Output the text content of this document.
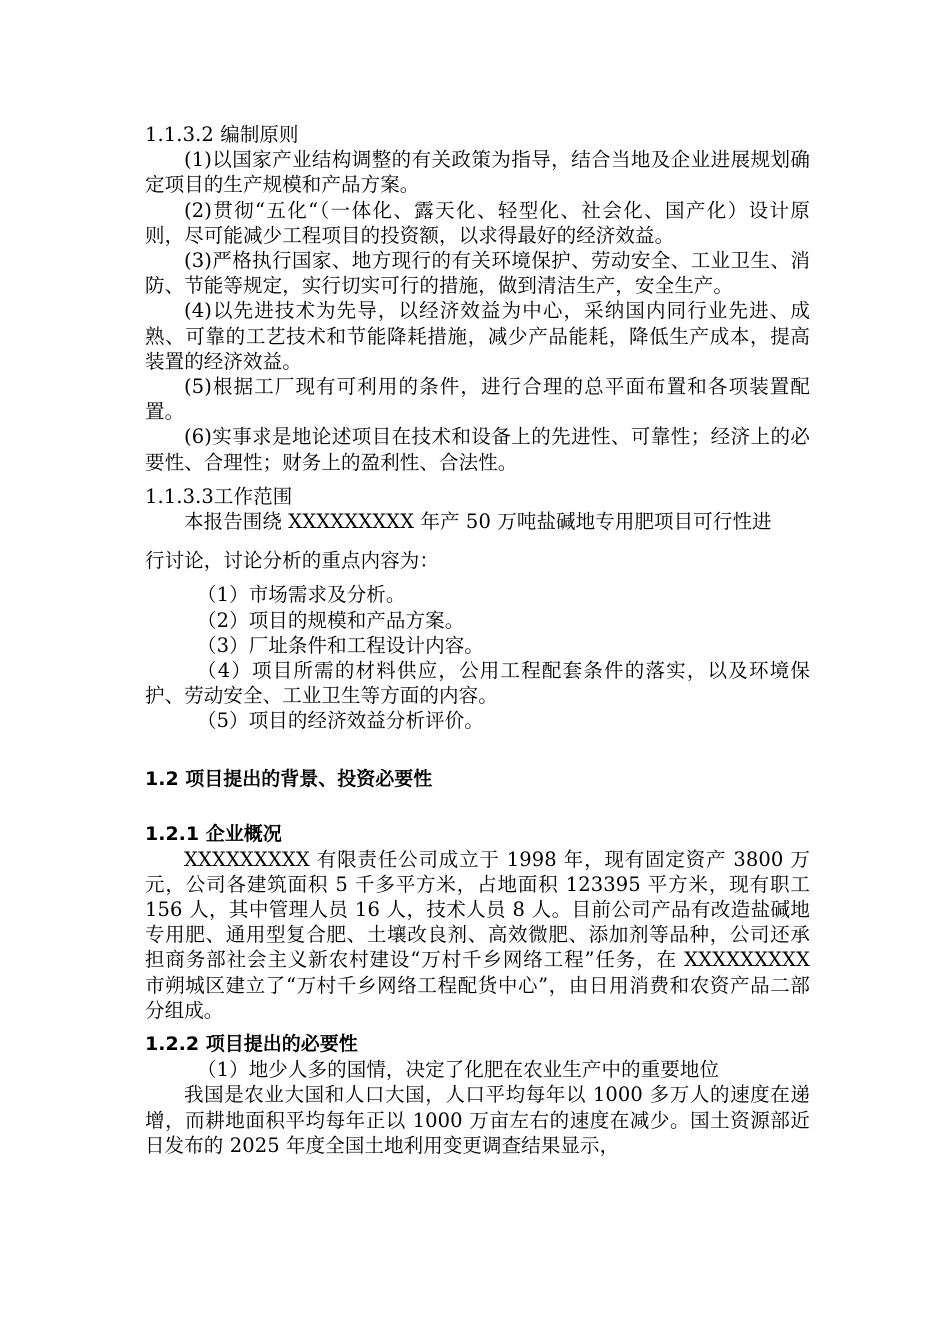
1.1.3.2 编制原则

(1)以国家产业结构调整的有关政策为指导，结合当地及企业进展规划确定项目的生产规模和产品方案。

(2)贯彻“五化“（一体化、露天化、轻型化、社会化、国产化）设计原则，尽可能减少工程项目的投资额，以求得最好的经济效益。

(3)严格执行国家、地方现行的有关环境保护、劳动安全、工业卫生、消防、节能等规定，实行切实可行的措施，做到清洁生产，安全生产。

(4)以先进技术为先导，以经济效益为中心，采纳国内同行业先进、成熟、可靠的工艺技术和节能降耗措施，减少产品能耗，降低生产成本，提高装置的经济效益。

(5)根据工厂现有可利用的条件，进行合理的总平面布置和各项装置配置。

(6)实事求是地论述项目在技术和设备上的先进性、可靠性；经济上的必要性、合理性；财务上的盈利性、合法性。

1.1.3.3工作范围

本报告围绕 XXXXXXXXX 年产 50 万吨盐碱地专用肥项目可行性进

行讨论，讨论分析的重点内容为：

（1）市场需求及分析。

（2）项目的规模和产品方案。

（3）厂址条件和工程设计内容。

（4）项目所需的材料供应，公用工程配套条件的落实，以及环境保护、劳动安全、工业卫生等方面的内容。

（5）项目的经济效益分析评价。

1.2 项目提出的背景、投资必要性

1.2.1 企业概况

XXXXXXXXX 有限责任公司成立于 1998 年，现有固定资产 3800 万元，公司各建筑面积 5 千多平方米，占地面积 123395 平方米，现有职工 156 人，其中管理人员 16 人，技术人员 8 人。目前公司产品有改造盐碱地专用肥、通用型复合肥、土壤改良剂、高效微肥、添加剂等品种，公司还承担商务部社会主义新农村建设“万村千乡网络工程”任务，在 XXXXXXXXX 市朔城区建立了“万村千乡网络工程配货中心”，由日用消费和农资产品二部分组成。

1.2.2 项目提出的必要性

（1）地少人多的国情，决定了化肥在农业生产中的重要地位

我国是农业大国和人口大国，人口平均每年以 1000 多万人的速度在递增，而耕地面积平均每年正以 1000 万亩左右的速度在减少。国土资源部近日发布的 2025 年度全国土地利用变更调查结果显示，
